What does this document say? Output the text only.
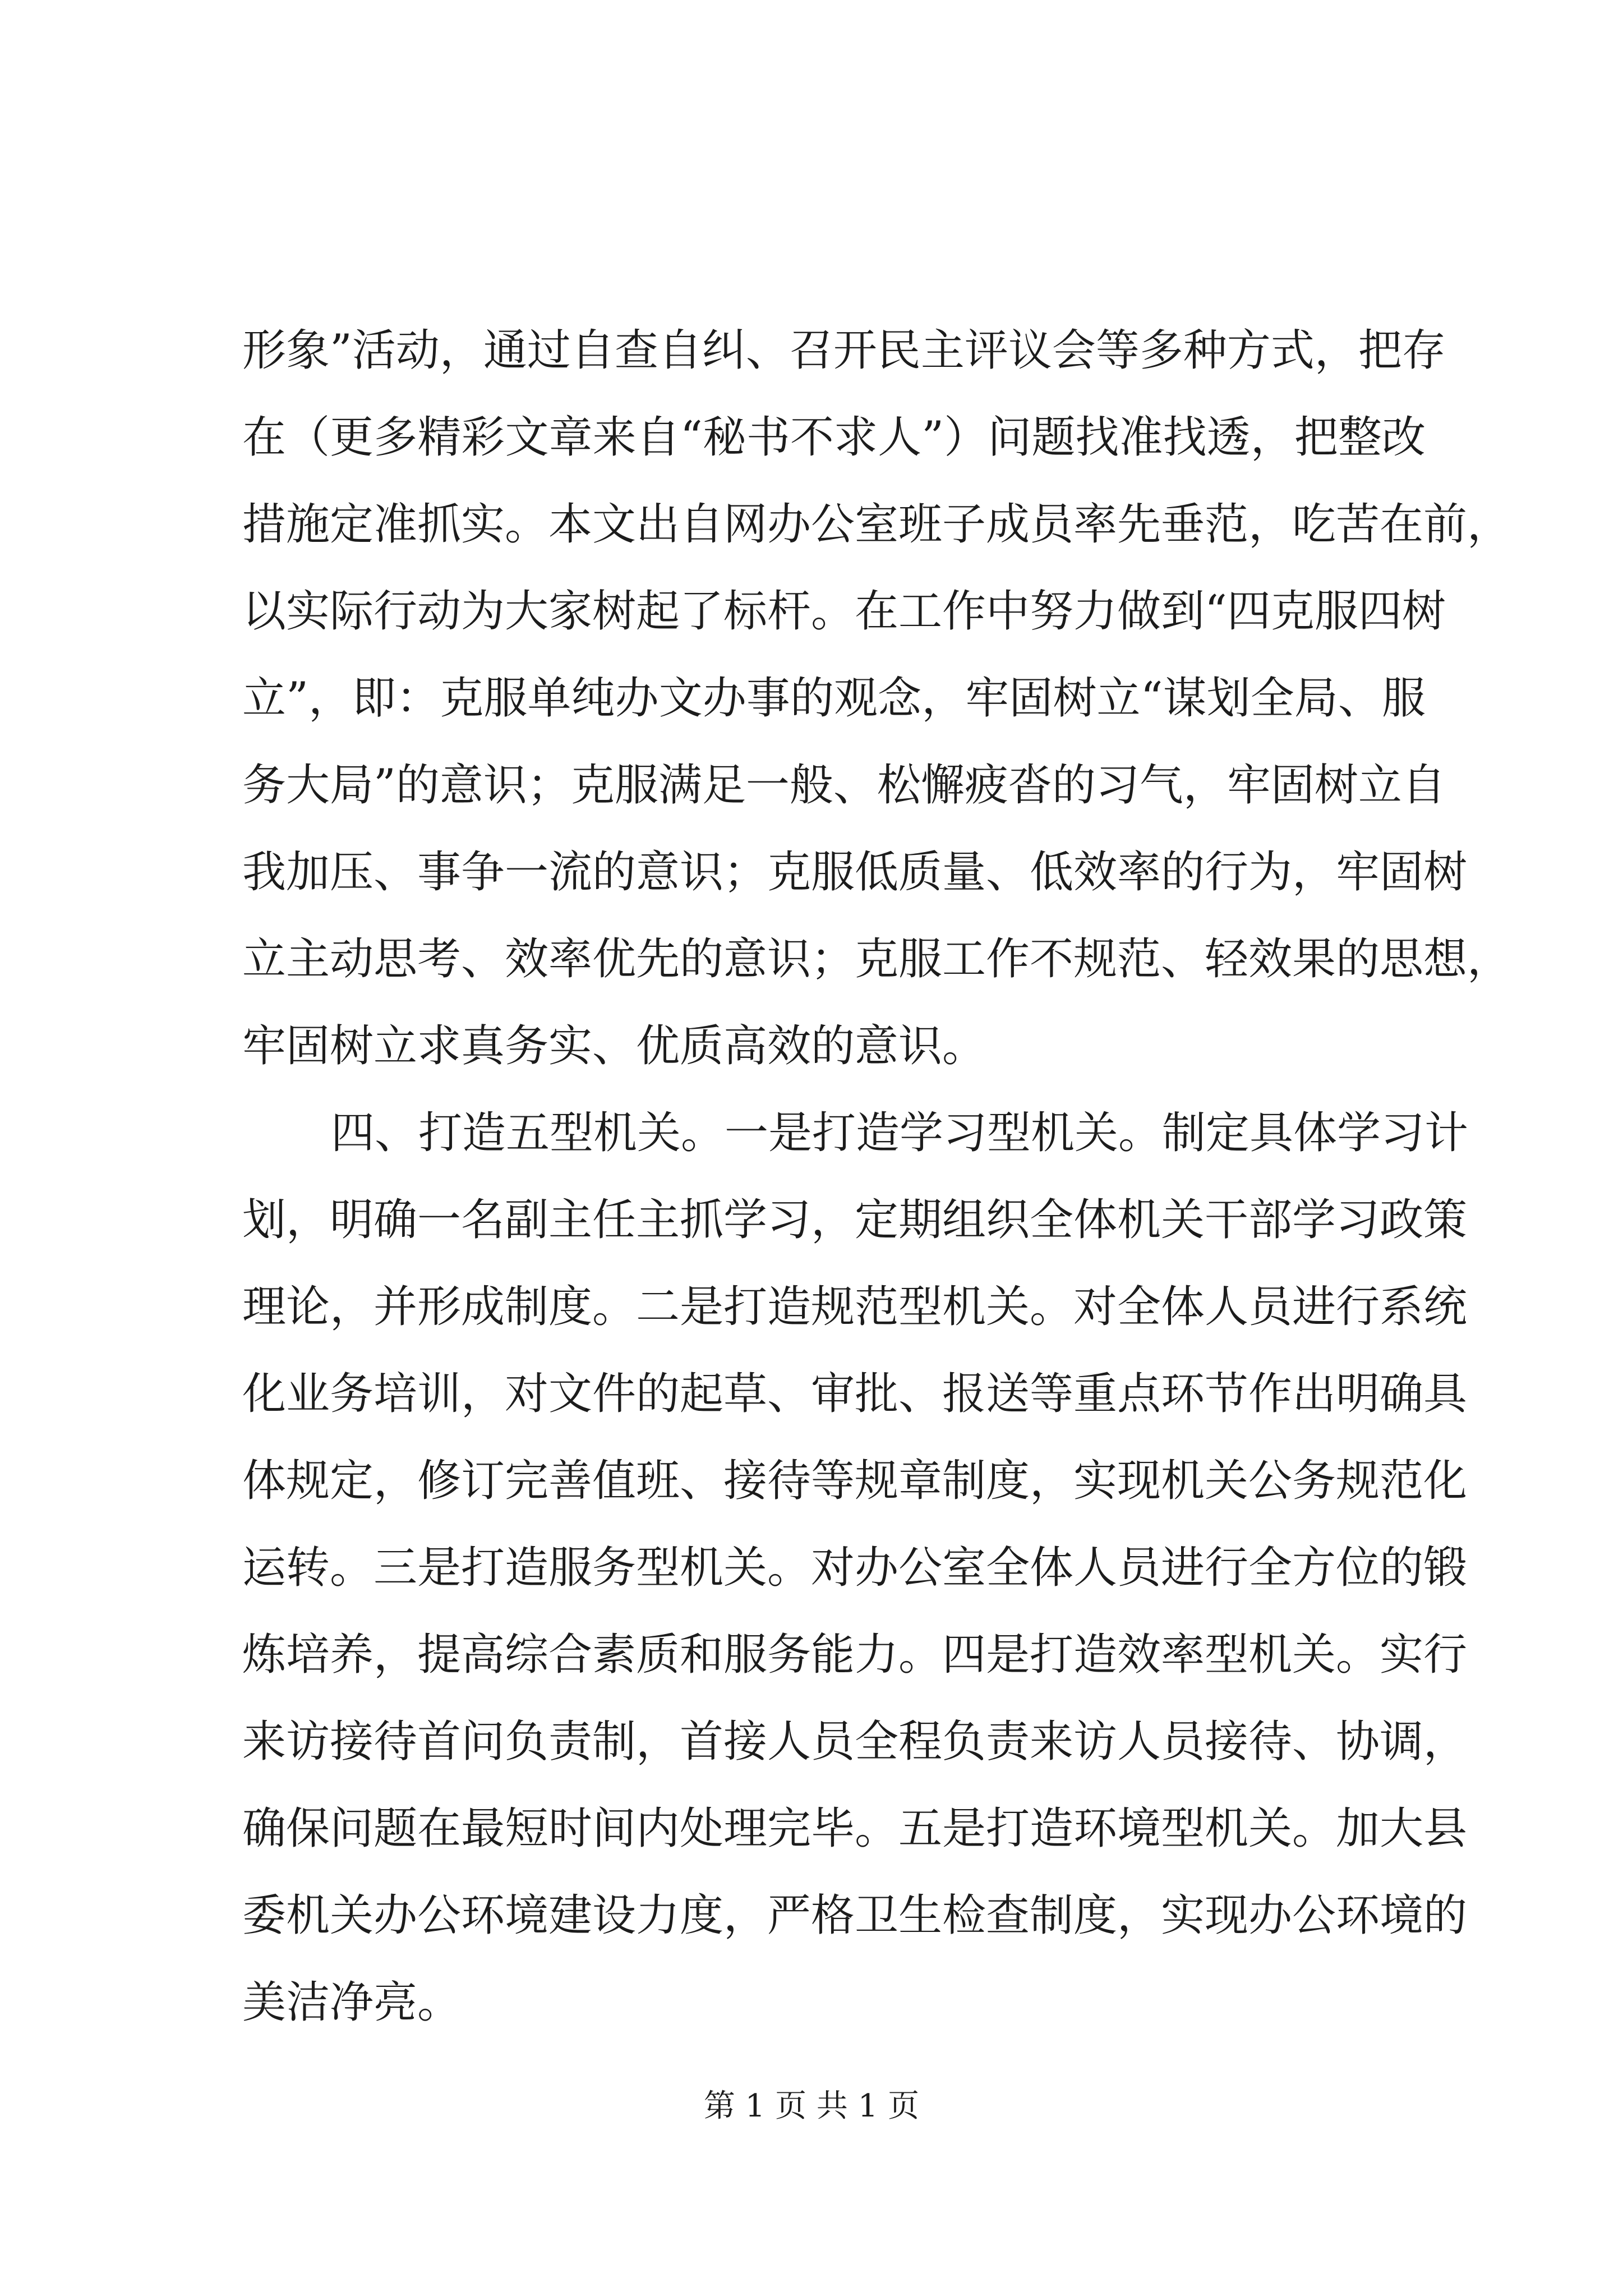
形象”活动，通过自查自纠、召开民主评议会等多种方式，把存
在（更多精彩文章来自“秘书不求人”）问题找准找透，把整改
措施定准抓实。本文出自网办公室班子成员率先垂范，吃苦在前，
以实际行动为大家树起了标杆。在工作中努力做到“四克服四树
立”，即：克服单纯办文办事的观念，牢固树立“谋划全局、服
务大局”的意识；克服满足一般、松懈疲沓的习气，牢固树立自
我加压、事争一流的意识；克服低质量、低效率的行为，牢固树
立主动思考、效率优先的意识；克服工作不规范、轻效果的思想，
牢固树立求真务实、优质高效的意识。
四、打造五型机关。一是打造学习型机关。制定具体学习计
划，明确一名副主任主抓学习，定期组织全体机关干部学习政策
理论，并形成制度。二是打造规范型机关。对全体人员进行系统
化业务培训，对文件的起草、审批、报送等重点环节作出明确具
体规定，修订完善值班、接待等规章制度，实现机关公务规范化
运转。三是打造服务型机关。对办公室全体人员进行全方位的锻
炼培养，提高综合素质和服务能力。四是打造效率型机关。实行
来访接待首问负责制，首接人员全程负责来访人员接待、协调，
确保问题在最短时间内处理完毕。五是打造环境型机关。加大县
委机关办公环境建设力度，严格卫生检查制度，实现办公环境的
美洁净亮。
第 1 页 共 1 页
